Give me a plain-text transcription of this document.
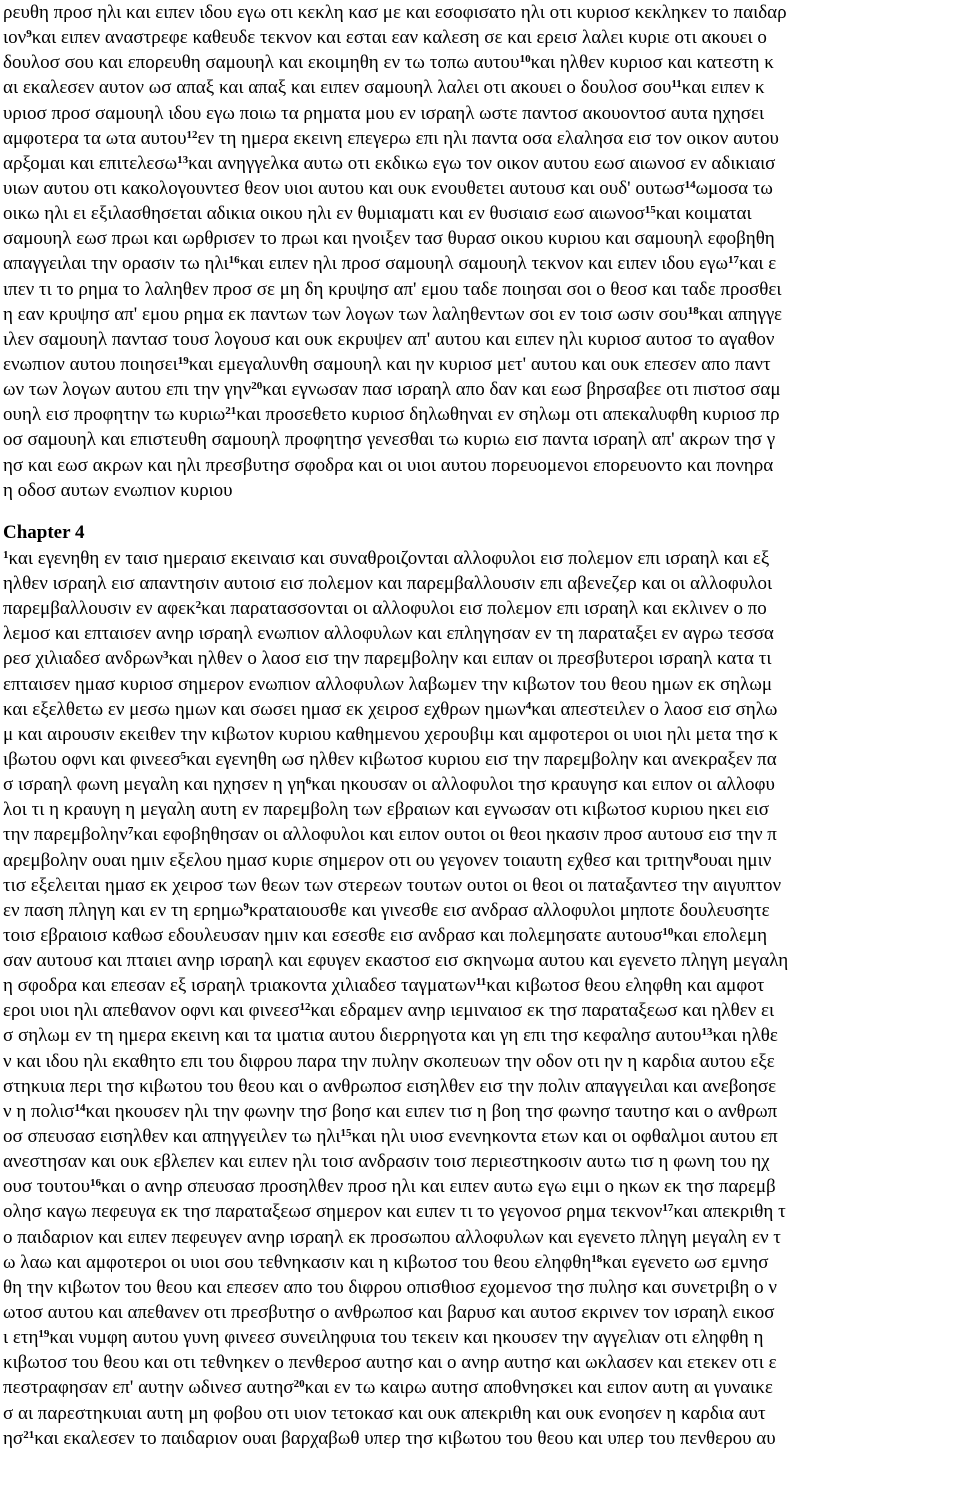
ρευθη προσ ηλι και ειπεν ιδου εγω οτι κεκλη κασ με και εσοφισατο ηλι οτι κυριοσ κεκληκεν το παιδαρ
ιον$^9$και ειπεν αναστρεφε καθευδε τεκνον και εσται εαν καλεση σε και ερεισ λαλει κυριε οτι ακουει ο
δουλοσ σου και επορευθη σαμουηλ και εκοιμηθη εν τω τοπω αυτου$^{10}$και ηλθεν κυριοσ και κατεστη κ
αι εκαλεσεν αυτον ωσ απαξ και απαξ και ειπεν σαμουηλ λαλει οτι ακουει ο δουλοσ σου$^{11}$και ειπεν κ
υριοσ προσ σαμουηλ ιδου εγω ποιω τα ρηματα μου εν ισραηλ ωστε παντοσ ακουοντοσ αυτα ηχησει
αμφοτερα τα ωτα αυτου$^{12}$εν τη ημερα εκεινη επεγερω επι ηλι παντα οσα ελαλησα εισ τον οικον αυτου
αρξομαι και επιτελεσω$^{13}$και ανηγγελκα αυτω οτι εκδικω εγω τον οικον αυτου εωσ αιωνοσ εν αδικιαισ
υιων αυτου οτι κακολογουντεσ θεον υιοι αυτου και ουκ ενουθετει αυτουσ και ουδ' ουτωσ$^{14}$ωμοσα τω
οικω ηλι ει εξιλασθησεται αδικια οικου ηλι εν θυμιαματι και εν θυσιαισ εωσ αιωνοσ$^{15}$και κοιμαται
σαμουηλ εωσ πρωι και ωρθρισεν το πρωι και ηνοιξεν τασ θυρασ οικου κυριου και σαμουηλ εφοβηθη
απαγγειλαι την ορασιν τω ηλι$^{16}$και ειπεν ηλι προσ σαμουηλ σαμουηλ τεκνον και ειπεν ιδου εγω$^{17}$και ε
ιπεν τι το ρημα το λαληθεν προσ σε μη δη κρυψησ απ' εμου ταδε ποιησαι σοι ο θεοσ και ταδε προσθει
η εαν κρυψησ απ' εμου ρημα εκ παντων των λογων των λαληθεντων σοι εν τοισ ωσιν σου$^{18}$και απηγγε
ιλεν σαμουηλ παντασ τουσ λογουσ και ουκ εκρυψεν απ' αυτου και ειπεν ηλι κυριοσ αυτοσ το αγαθον
ενωπιον αυτου ποιησει$^{19}$και εμεγαλυνθη σαμουηλ και ην κυριοσ μετ' αυτου και ουκ επεσεν απο παντ
ων των λογων αυτου επι την γην$^{20}$και εγνωσαν πασ ισραηλ απο δαν και εωσ βηρσαβεε οτι πιστοσ σαμ
ουηλ εισ προφητην τω κυριω$^{21}$και προσεθετο κυριοσ δηλωθηναι εν σηλωμ οτι απεκαλυφθη κυριοσ πρ
οσ σαμουηλ και επιστευθη σαμουηλ προφητησ γενεσθαι τω κυριω εισ παντα ισραηλ απ' ακρων τησ γ
ησ και εωσ ακρων και ηλι πρεσβυτησ σφοδρα και οι υιοι αυτου πορευομενοι επορευοντο και πονηρα
η οδοσ αυτων ενωπιον κυριου
Chapter 4
$^1$και εγενηθη εν ταισ ημεραισ εκειναισ και συναθροιζονται αλλοφυλοι εισ πολεμον επι ισραηλ και εξ
ηλθεν ισραηλ εισ απαντησιν αυτοισ εισ πολεμον και παρεμβαλλουσιν επι αβενεζερ και οι αλλοφυλοι
παρεμβαλλουσιν εν αφεκ$^2$και παρατασσονται οι αλλοφυλοι εισ πολεμον επι ισραηλ και εκλινεν ο πο
λεμοσ και επταισεν ανηρ ισραηλ ενωπιον αλλοφυλων και επληγησαν εν τη παραταξει εν αγρω τεσσα
ρεσ χιλιαδεσ ανδρων$^3$και ηλθεν ο λαοσ εισ την παρεμβολην και ειπαν οι πρεσβυτεροι ισραηλ κατα τι
επταισεν ημασ κυριοσ σημερον ενωπιον αλλοφυλων λαβωμεν την κιβωτον του θεου ημων εκ σηλωμ
και εξελθετω εν μεσω ημων και σωσει ημασ εκ χειροσ εχθρων ημων$^4$και απεστειλεν ο λαοσ εισ σηλω
μ και αιρουσιν εκειθεν την κιβωτον κυριου καθημενου χερουβιμ και αμφοτεροι οι υιοι ηλι μετα τησ κ
ιβωτου οφνι και φινεεσ$^5$και εγενηθη ωσ ηλθεν κιβωτοσ κυριου εισ την παρεμβολην και ανεκραξεν πα
σ ισραηλ φωνη μεγαλη και ηχησεν η $\gamma\eta^6\kappa\alpha\iota$ ηκουσαν οι αλλοφυλοι τησ κραυγησ και ειπον οι αλλοφυ
λοι τι η κραυγη η μεγαλη αυτη εν παρεμβολη των εβραιων και εγνωσαν οτι κιβωτοσ κυριου ηκει εισ
την παρεμβολην$^7$και εφοβηθησαν οι αλλοφυλοι και ειπον ουτοι οι θεοι ηκασιν προσ αυτουσ εισ την π
αρεμβολην ουαι ημιν εξελου ημασ κυριε σημερον οτι ου γεγονεν τοιαυτη εχθεσ και τριτην$^8$ουαι ημιν
τισ εξελειται ημασ εκ χειροσ των θεων των στερεων τουτων ουτοι οι θεοι οι παταξαντεσ την αιγυπτον
εν παση πληγη και εν τη ερημω$^9$κραταιουσθε και γινεσθε εισ ανδρασ αλλοφυλοι μηποτε δουλευσητε
τοισ εβραιοισ καθωσ εδουλευσαν ημιν και εσεσθε εισ ανδρασ και πολεμησατε αυτουσ$^{10}$και επολεμη
σαν αυτουσ και πταιει ανηρ ισραηλ και εφυγεν εκαστοσ εισ σκηνωμα αυτου και εγενετο πληγη μεγαλη
η σφοδρα και επεσαν εξ ισραηλ τριακοντα χιλιαδεσ ταγματων$^{11}$και κιβωτοσ θεου εληφθη και αμφοτ
εροι υιοι ηλι απεθανον οφνι και φινεεσ$^{12}$και εδραμεν ανηρ ιεμιναιοσ εκ τησ παραταξεωσ και ηλθεν ει
σ σηλωμ εν τη ημερα εκεινη και τα ιματια αυτου διερρηγοτα και γη επι τησ κεφαλησ αυτου$^{13}$και ηλθε
ν και ιδου ηλι εκαθητο επι του διφρου παρα την πυλην σκοπευων την οδον οτι ην η καρδια αυτου εξε
στηκυια περι τησ κιβωτου του θεου και ο ανθρωποσ εισηλθεν εισ την πολιν απαγγειλαι και ανεβοησε
ν η πολισ$^{14}$και ηκουσεν ηλι την φωνην τησ βοησ και ειπεν τισ η βοη τησ φωνησ ταυτησ και ο ανθρωπ
οσ σπευσασ εισηλθεν και απηγγειλεν τω ηλι$^{15}$και ηλι υιοσ ενενηκοντα ετων και οι οφθαλμοι αυτου επ
ανεστησαν και ουκ εβλεπεν και ειπεν ηλι τοισ ανδρασιν τοισ περιεστηκοσιν αυτω τισ η φωνη του ηχ
ουσ τουτου$^{16}$και ο ανηρ σπευσασ προσηλθεν προσ ηλι και ειπεν αυτω εγω ειμι ο ηκων εκ τησ παρεμβ
ολησ καγω πεφευγα εκ τησ παραταξεωσ σημερον και ειπεν τι το γεγονοσ ρημα τεκνον$^{17}$και απεκριθη τ
ο παιδαριον και ειπεν πεφευγεν ανηρ ισραηλ εκ προσωπου αλλοφυλων και εγενετο πληγη μεγαλη εν τ
ω λαω και αμφοτεροι οι υιοι σου τεθνηκασιν και η κιβωτοσ του θεου εληφθη$^{18}$και εγενετο ωσ εμνησ
θη την κιβωτον του θεου και επεσεν απο του διφρου οπισθιοσ εχομενοσ τησ πυλησ και συνετριβη ο ν
ωτοσ αυτου και απεθανεν οτι πρεσβυτησ ο ανθρωποσ και βαρυσ και αυτοσ εκρινεν τον ισραηλ εικοσ
ι ετη$^{19}$και νυμφη αυτου γυνη φινεεσ συνειληφυια του τεκειν και ηκουσεν την αγγελιαν οτι εληφθη η
κιβωτοσ του θεου και οτι τεθνηκεν ο πενθεροσ αυτησ και ο ανηρ αυτησ και ωκλασεν και ετεκεν οτι ε
πεστραφησαν επ' αυτην ωδινεσ αυτησ$^{20}$και εν τω καιρω αυτησ αποθνησκει και ειπον αυτη αι γυναικε
σ αι παρεστηκυιαι αυτη μη φοβου οτι υιον τετοκασ και ουκ απεκριθη και ουκ ενοησεν η καρδια αυτ
$\eta\sigma^{21}\kappa\alpha\iota$ εκαλεσεν το παιδαριον ουαι βαρχαβωθ υπερ τησ κιβωτου του θεου και υπερ του πενθερου αυ
